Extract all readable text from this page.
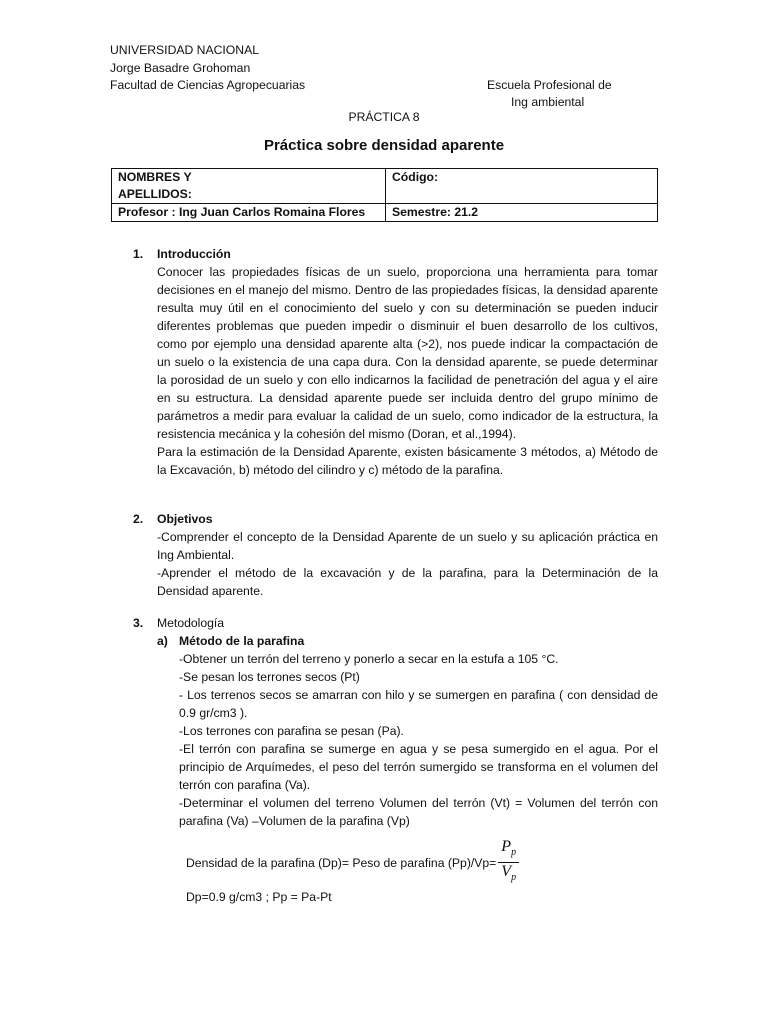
UNIVERSIDAD NACIONAL
Jorge Basadre Grohoman
Facultad de Ciencias Agropecuarias	Escuela Profesional de
Ing ambiental
PRÁCTICA 8
Práctica sobre densidad aparente
NOMBRES Y
APELLIDOS:	Código:

Profesor : Ing Juan Carlos Romaina Flores	Semestre: 21.2
1.	Introducción

Conocer las propiedades físicas de un suelo, proporciona una herramienta para tomar decisiones en el manejo del mismo. Dentro de las propiedades físicas, la densidad aparente resulta muy útil en el conocimiento del suelo y con su determinación se pueden inducir diferentes problemas que pueden impedir o disminuir el buen desarrollo de los cultivos, como por ejemplo una densidad aparente alta (>2), nos puede indicar la compactación de un suelo o la existencia de una capa dura. Con la densidad aparente, se puede determinar la porosidad de un suelo y con ello indicarnos la facilidad de penetración del agua y el aire en su estructura. La densidad aparente puede ser incluida dentro del grupo mínimo de parámetros a medir para evaluar la calidad de un suelo, como indicador de la estructura, la resistencia mecánica y la cohesión del mismo (Doran, et al.,1994).

Para la estimación de la Densidad Aparente, existen básicamente 3 métodos, a) Método de la Excavación, b) método del cilindro y c) método de la parafina.

2.	Objetivos

-Comprender el concepto de la Densidad Aparente de un suelo y su aplicación práctica en Ing Ambiental.

-Aprender el método de la excavación y de la parafina, para la Determinación de la Densidad aparente.

3.	Metodología
a) Método de la parafina

-Obtener un terrón del terreno y ponerlo a secar en la estufa a 105 °C.

-Se pesan los terrones secos (Pt)

- Los terrenos secos se amarran con hilo y se sumergen en parafina ( con densidad de 0.9 gr/cm3 ).

-Los terrones con parafina se pesan (Pa).

-El terrón con parafina se sumerge en agua y se pesa sumergido en el agua. Por el principio de Arquímedes, el peso del terrón sumergido se transforma en el volumen del terrón con parafina (Va).

-Determinar el volumen del terreno Volumen del terrón (Vt) = Volumen del terrón con parafina (Va) –Volumen de la parafina (Vp)

Densidad de la parafina (Dp)= Peso de parafina $(Pp)/Vp= \frac{P_p}{V_p}$
Dp=0.9 g/cm3 ; Pp = Pa-Pt
